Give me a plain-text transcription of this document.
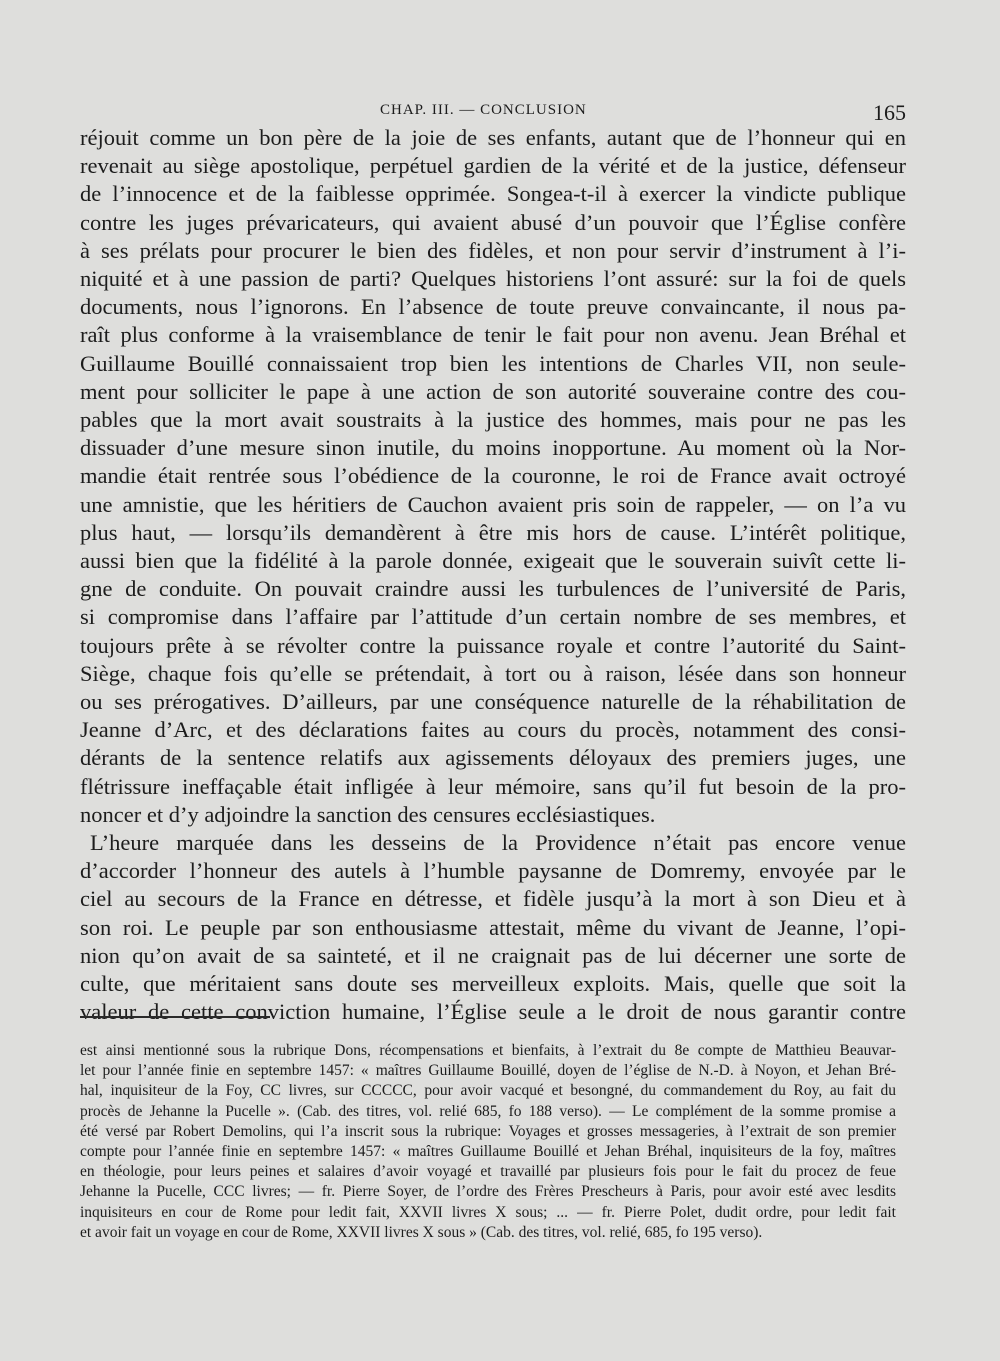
CHAP. III. — CONCLUSION	165
réjouit comme un bon père de la joie de ses enfants, autant que de l’honneur qui en
revenait au siège apostolique, perpétuel gardien de la vérité et de la justice, défenseur
de l’innocence et de la faiblesse opprimée. Songea-t-il à exercer la vindicte publique
contre les juges prévaricateurs, qui avaient abusé d’un pouvoir que l’Église confère
à ses prélats pour procurer le bien des fidèles, et non pour servir d’instrument à l’i-
niquité et à une passion de parti? Quelques historiens l’ont assuré: sur la foi de quels
documents, nous l’ignorons. En l’absence de toute preuve convaincante, il nous pa-
raît plus conforme à la vraisemblance de tenir le fait pour non avenu. Jean Bréhal et
Guillaume Bouillé connaissaient trop bien les intentions de Charles VII, non seule-
ment pour solliciter le pape à une action de son autorité souveraine contre des cou-
pables que la mort avait soustraits à la justice des hommes, mais pour ne pas les
dissuader d’une mesure sinon inutile, du moins inopportune. Au moment où la Nor-
mandie était rentrée sous l’obédience de la couronne, le roi de France avait octroyé
une amnistie, que les héritiers de Cauchon avaient pris soin de rappeler, — on l’a vu
plus haut, — lorsqu’ils demandèrent à être mis hors de cause. L’intérêt politique,
aussi bien que la fidélité à la parole donnée, exigeait que le souverain suivît cette li-
gne de conduite. On pouvait craindre aussi les turbulences de l’université de Paris,
si compromise dans l’affaire par l’attitude d’un certain nombre de ses membres, et
toujours prête à se révolter contre la puissance royale et contre l’autorité du Saint-
Siège, chaque fois qu’elle se prétendait, à tort ou à raison, lésée dans son honneur
ou ses prérogatives. D’ailleurs, par une conséquence naturelle de la réhabilitation de
Jeanne d’Arc, et des déclarations faites au cours du procès, notamment des consi-
dérants de la sentence relatifs aux agissements déloyaux des premiers juges, une
flétrissure ineffaçable était infligée à leur mémoire, sans qu’il fut besoin de la pro-
noncer et d’y adjoindre la sanction des censures ecclésiastiques.
L’heure marquée dans les desseins de la Providence n’était pas encore venue
d’accorder l’honneur des autels à l’humble paysanne de Domremy, envoyée par le
ciel au secours de la France en détresse, et fidèle jusqu’à la mort à son Dieu et à
son roi. Le peuple par son enthousiasme attestait, même du vivant de Jeanne, l’opi-
nion qu’on avait de sa sainteté, et il ne craignait pas de lui décerner une sorte de
culte, que méritaient sans doute ses merveilleux exploits. Mais, quelle que soit la
valeur de cette conviction humaine, l’Église seule a le droit de nous garantir contre
est ainsi mentionné sous la rubrique Dons, récompensations et bienfaits, à l’extrait du 8e compte de Matthieu Beauvar-
let pour l’année finie en septembre 1457: « maîtres Guillaume Bouillé, doyen de l’église de N.-D. à Noyon, et Jehan Bré-
hal, inquisiteur de la Foy, CC livres, sur CCCCC, pour avoir vacqué et besongné, du commandement du Roy, au fait du
procès de Jehanne la Pucelle ». (Cab. des titres, vol. relié 685, fo 188 verso). — Le complément de la somme promise a
été versé par Robert Demolins, qui l’a inscrit sous la rubrique: Voyages et grosses messageries, à l’extrait de son premier
compte pour l’année finie en septembre 1457: « maîtres Guillaume Bouillé et Jehan Bréhal, inquisiteurs de la foy, maîtres
en théologie, pour leurs peines et salaires d’avoir voyagé et travaillé par plusieurs fois pour le fait du procez de feue
Jehanne la Pucelle, CCC livres; — fr. Pierre Soyer, de l’ordre des Frères Prescheurs à Paris, pour avoir esté avec lesdits
inquisiteurs en cour de Rome pour ledit fait, XXVII livres X sous; ... — fr. Pierre Polet, dudit ordre, pour ledit fait
et avoir fait un voyage en cour de Rome, XXVII livres X sous » (Cab. des titres, vol. relié, 685, fo 195 verso).
